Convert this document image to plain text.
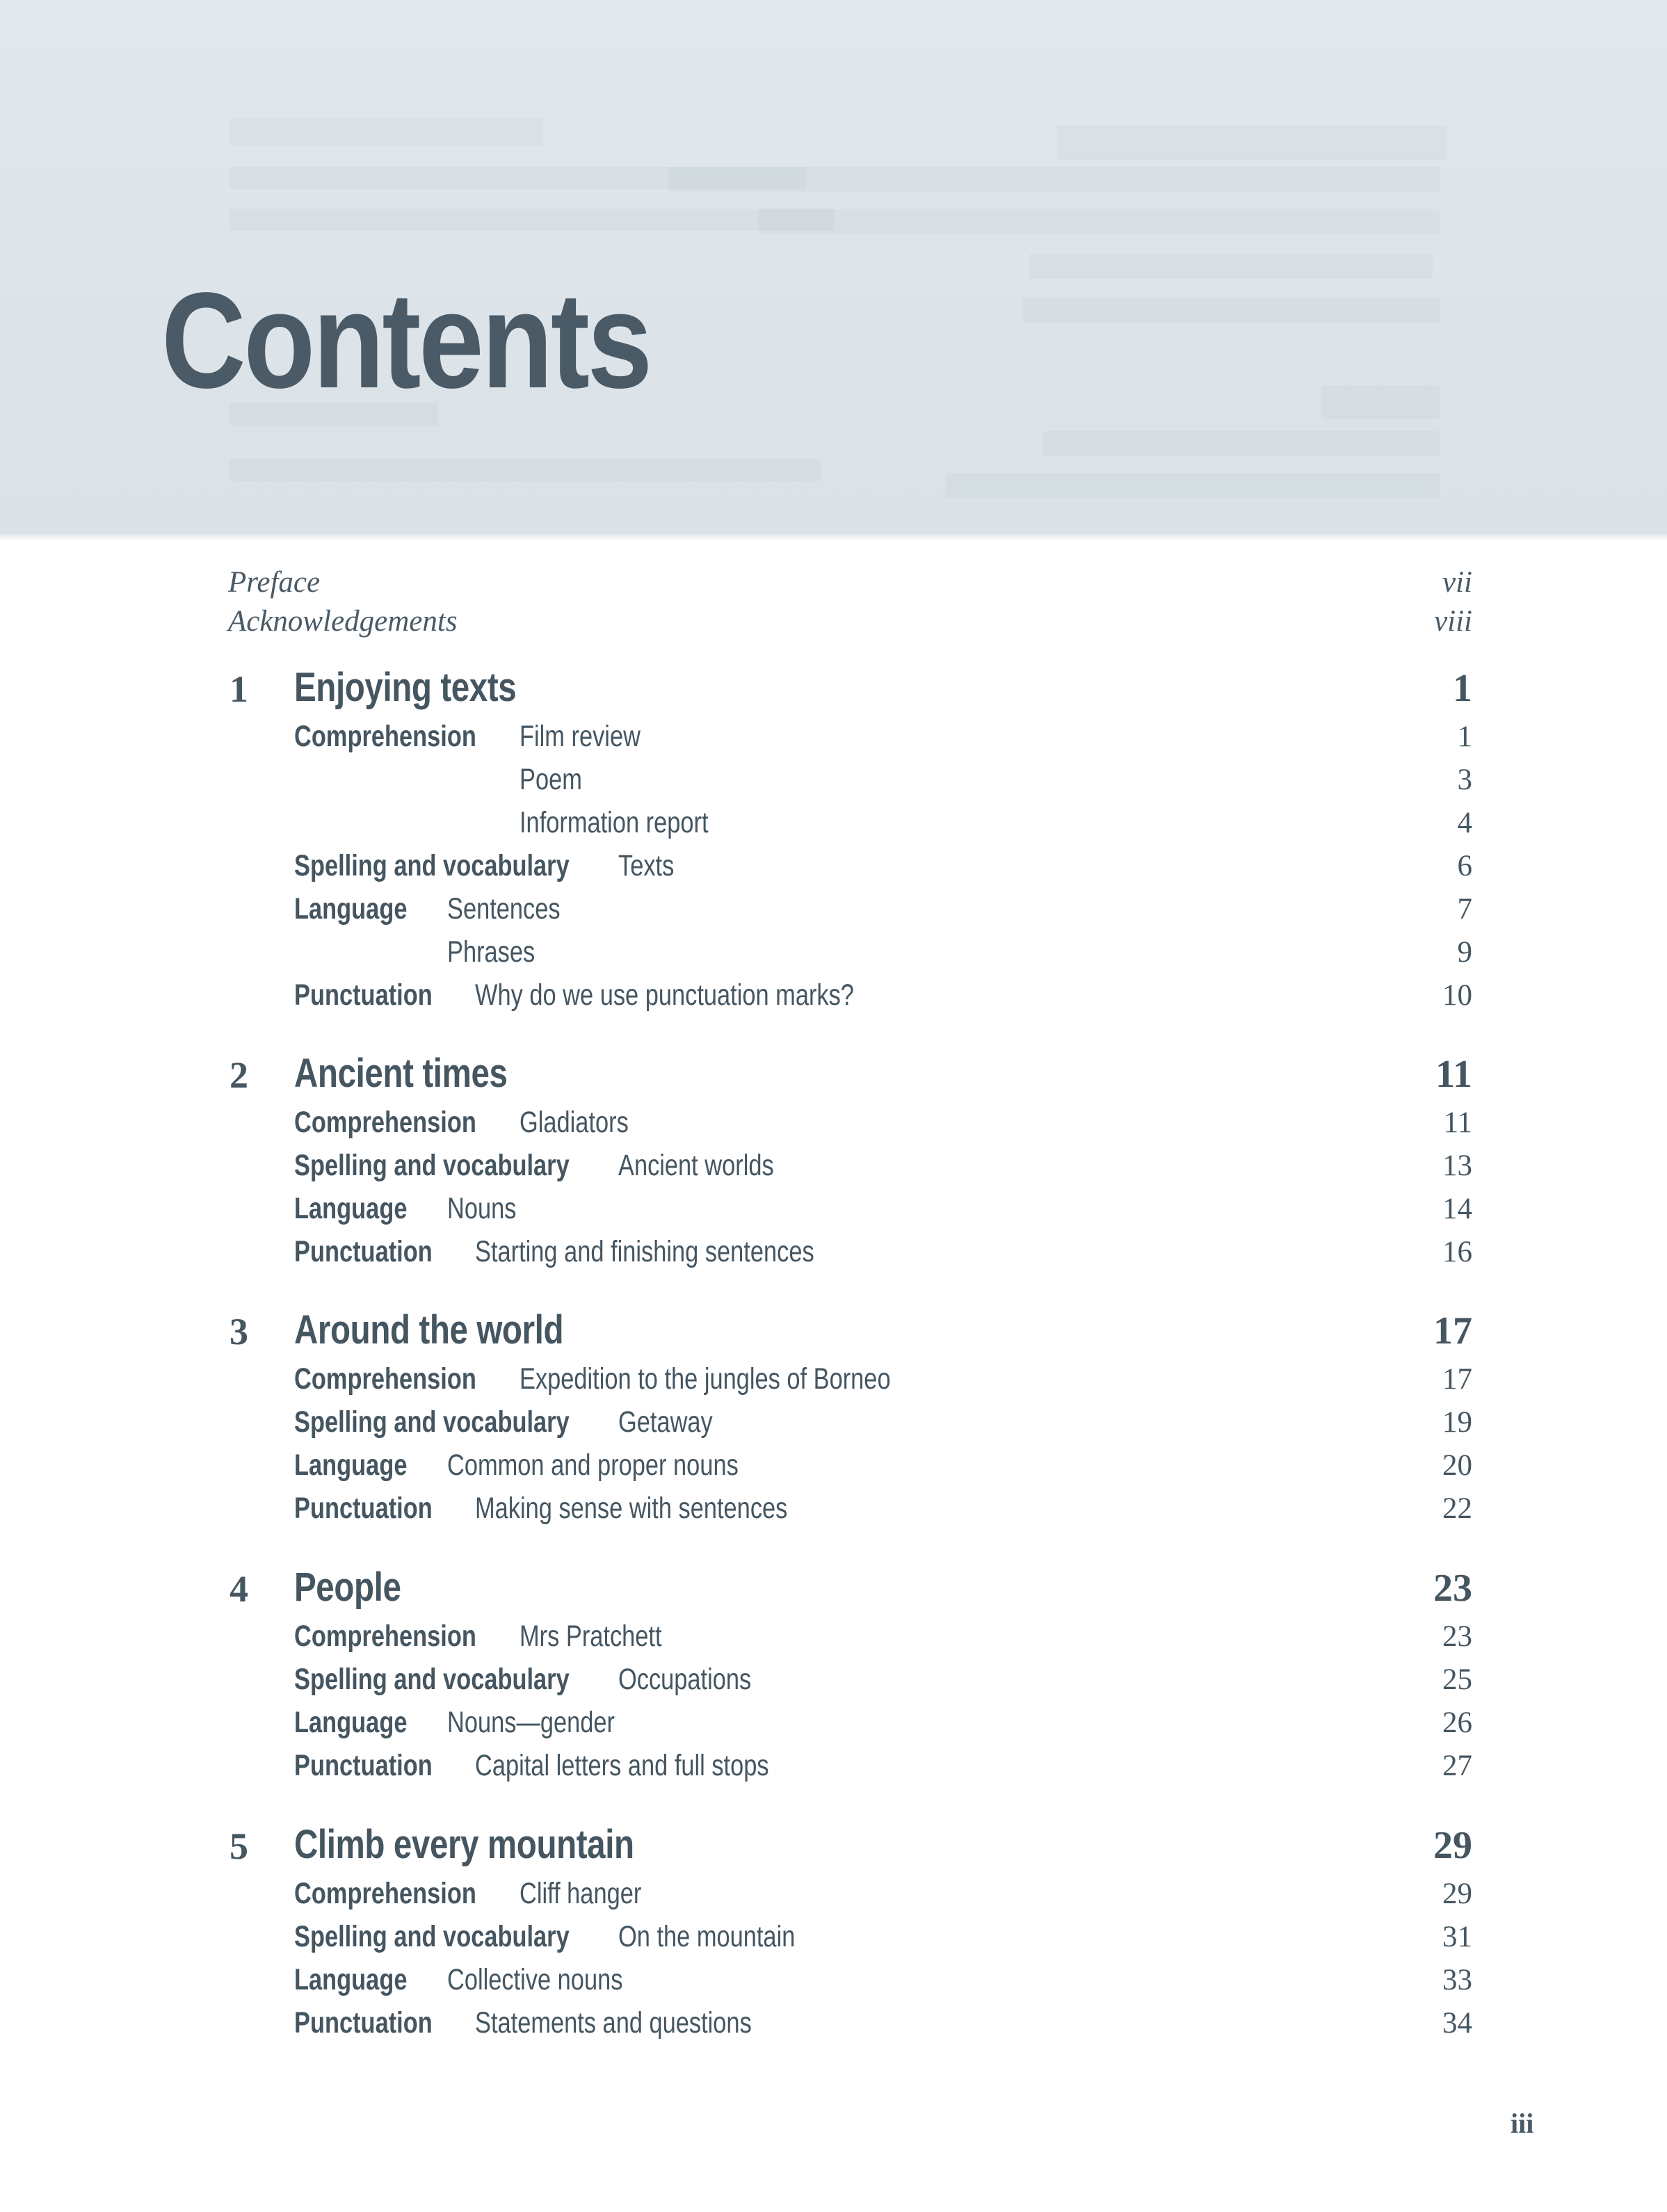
Contents
Preface	vii
Acknowledgements	viii
1 Enjoying texts	1
Comprehension Film review	1
Poem	3
Information report	4
Spelling and vocabulary Texts	6
Language Sentences	7
Phrases	9
Punctuation Why do we use punctuation marks?	10
2 Ancient times	11
Comprehension Gladiators	11
Spelling and vocabulary Ancient worlds	13
Language Nouns	14
Punctuation Starting and finishing sentences	16
3 Around the world	17
Comprehension Expedition to the jungles of Borneo	17
Spelling and vocabulary Getaway	19
Language Common and proper nouns	20
Punctuation Making sense with sentences	22
4 People	23
Comprehension Mrs Pratchett	23
Spelling and vocabulary Occupations	25
Language Nouns—gender	26
Punctuation Capital letters and full stops	27
5 Climb every mountain	29
Comprehension Cliff hanger	29
Spelling and vocabulary On the mountain	31
Language Collective nouns	33
Punctuation Statements and questions	34
iii
